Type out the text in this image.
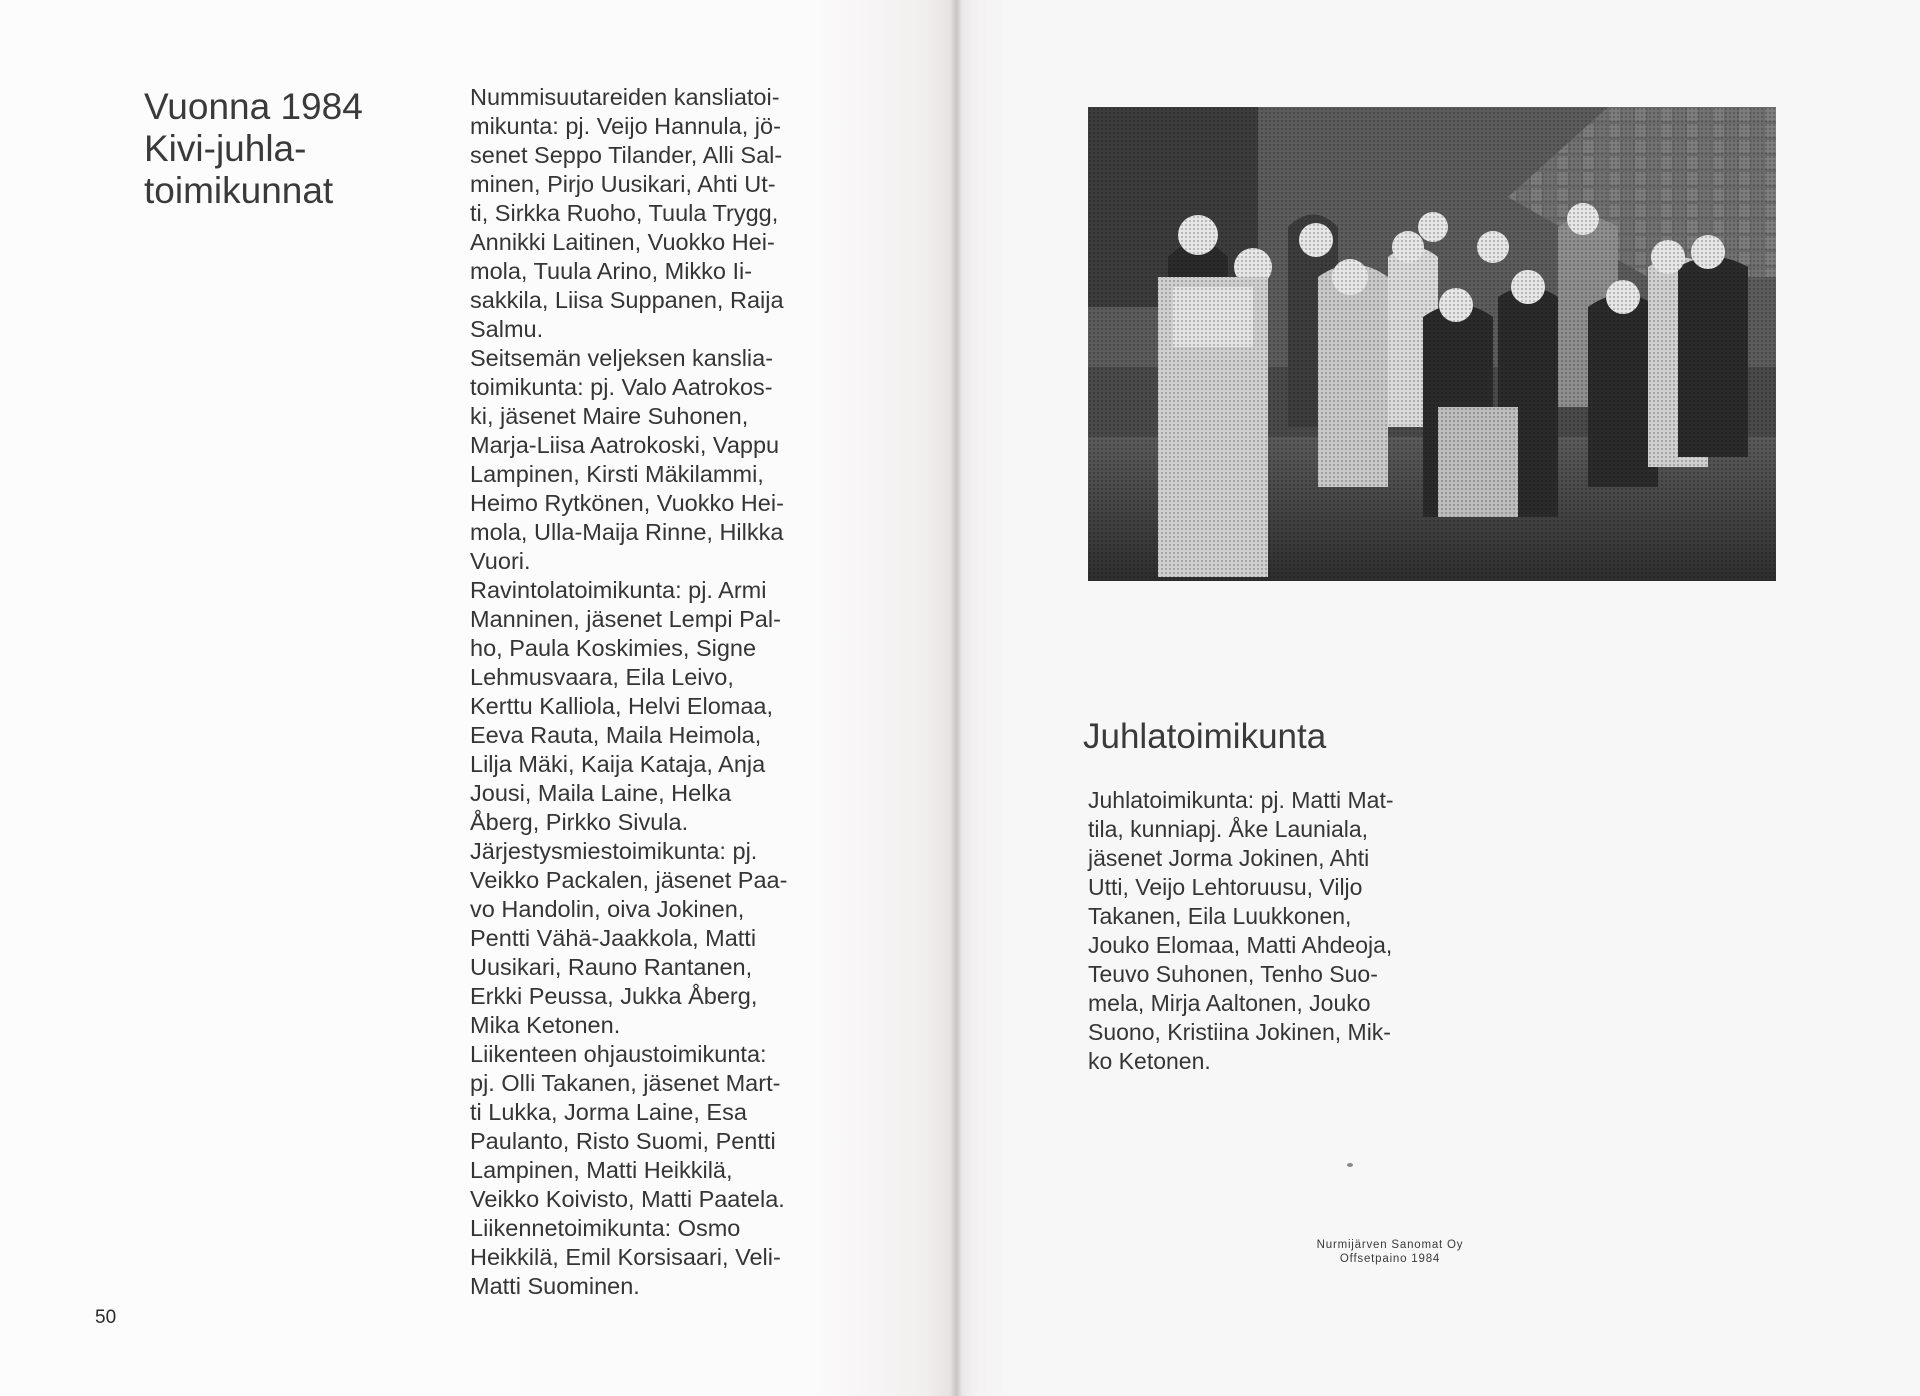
Vuonna 1984
Kivi-juhla-
toimikunnat
Nummisuutareiden kansliatoi-
mikunta: pj. Veijo Hannula, jö-
senet Seppo Tilander, Alli Sal-
minen, Pirjo Uusikari, Ahti Ut-
ti, Sirkka Ruoho, Tuula Trygg,
Annikki Laitinen, Vuokko Hei-
mola, Tuula Arino, Mikko Ii-
sakkila, Liisa Suppanen, Raija
Salmu.
Seitsemän veljeksen kanslia-
toimikunta: pj. Valo Aatrokos-
ki, jäsenet Maire Suhonen,
Marja-Liisa Aatrokoski, Vappu
Lampinen, Kirsti Mäkilammi,
Heimo Rytkönen, Vuokko Hei-
mola, Ulla-Maija Rinne, Hilkka
Vuori.
Ravintolatoimikunta: pj. Armi
Manninen, jäsenet Lempi Pal-
ho, Paula Koskimies, Signe
Lehmusvaara, Eila Leivo,
Kerttu Kalliola, Helvi Elomaa,
Eeva Rauta, Maila Heimola,
Lilja Mäki, Kaija Kataja, Anja
Jousi, Maila Laine, Helka
Åberg, Pirkko Sivula.
Järjestysmiestoimikunta: pj.
Veikko Packalen, jäsenet Paa-
vo Handolin, oiva Jokinen,
Pentti Vähä-Jaakkola, Matti
Uusikari, Rauno Rantanen,
Erkki Peussa, Jukka Åberg,
Mika Ketonen.
Liikenteen ohjaustoimikunta:
pj. Olli Takanen, jäsenet Mart-
ti Lukka, Jorma Laine, Esa
Paulanto, Risto Suomi, Pentti
Lampinen, Matti Heikkilä,
Veikko Koivisto, Matti Paatela.
Liikennetoimikunta: Osmo
Heikkilä, Emil Korsisaari, Veli-
Matti Suominen.
50
Juhlatoimikunta
Juhlatoimikunta: pj. Matti Mat-
tila, kunniapj. Åke Launiala,
jäsenet Jorma Jokinen, Ahti
Utti, Veijo Lehtoruusu, Viljo
Takanen, Eila Luukkonen,
Jouko Elomaa, Matti Ahdeoja,
Teuvo Suhonen, Tenho Suo-
mela, Mirja Aaltonen, Jouko
Suono, Kristiina Jokinen, Mik-
ko Ketonen.
Nurmijärven Sanomat Oy
Offsetpaino 1984
